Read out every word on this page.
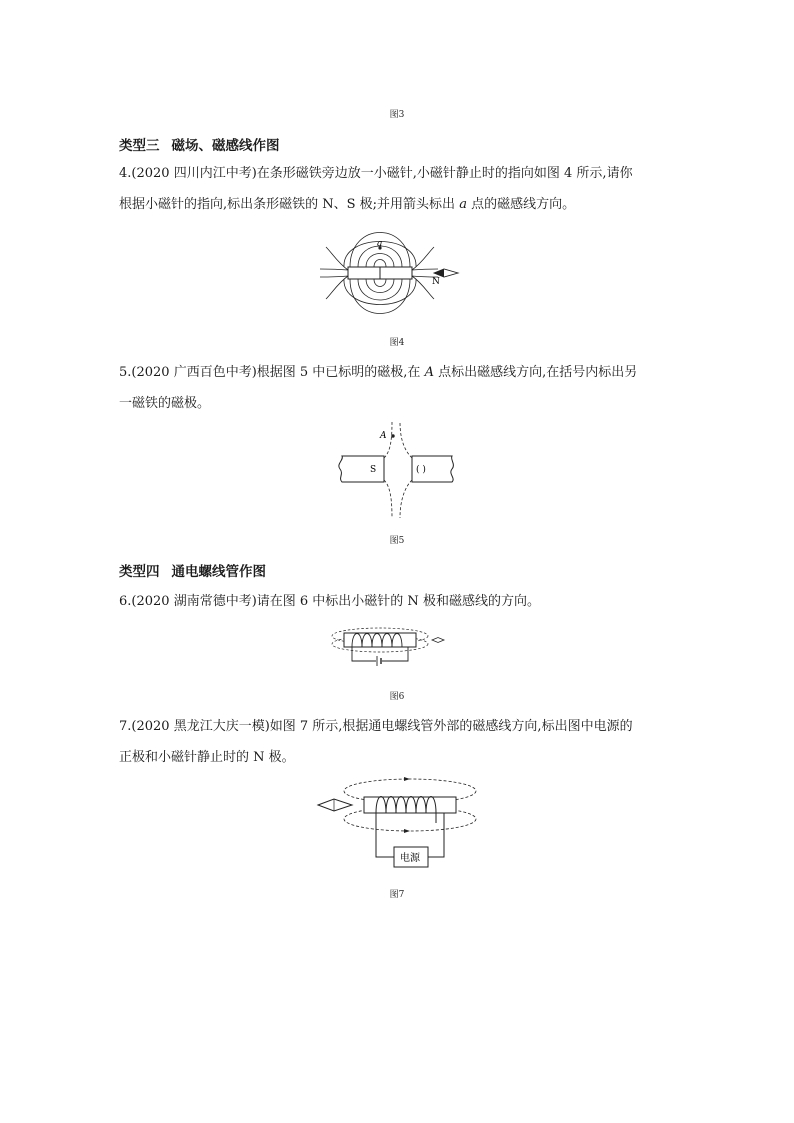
图3
类型三 磁场、磁感线作图
4.(2020 四川内江中考)在条形磁铁旁边放一小磁针,小磁针静止时的指向如图 4 所示,请你
根据小磁针的指向,标出条形磁铁的 N、S 极;并用箭头标出 a 点的磁感线方向。
a
N
图4
5.(2020 广西百色中考)根据图 5 中已标明的磁极,在 A 点标出磁感线方向,在括号内标出另
一磁铁的磁极。
S	( )
A
图5
类型四 通电螺线管作图
6.(2020 湖南常德中考)请在图 6 中标出小磁针的 N 极和磁感线的方向。
图6
7.(2020 黑龙江大庆一模)如图 7 所示,根据通电螺线管外部的磁感线方向,标出图中电源的
正极和小磁针静止时的 N 极。
电源
图7
